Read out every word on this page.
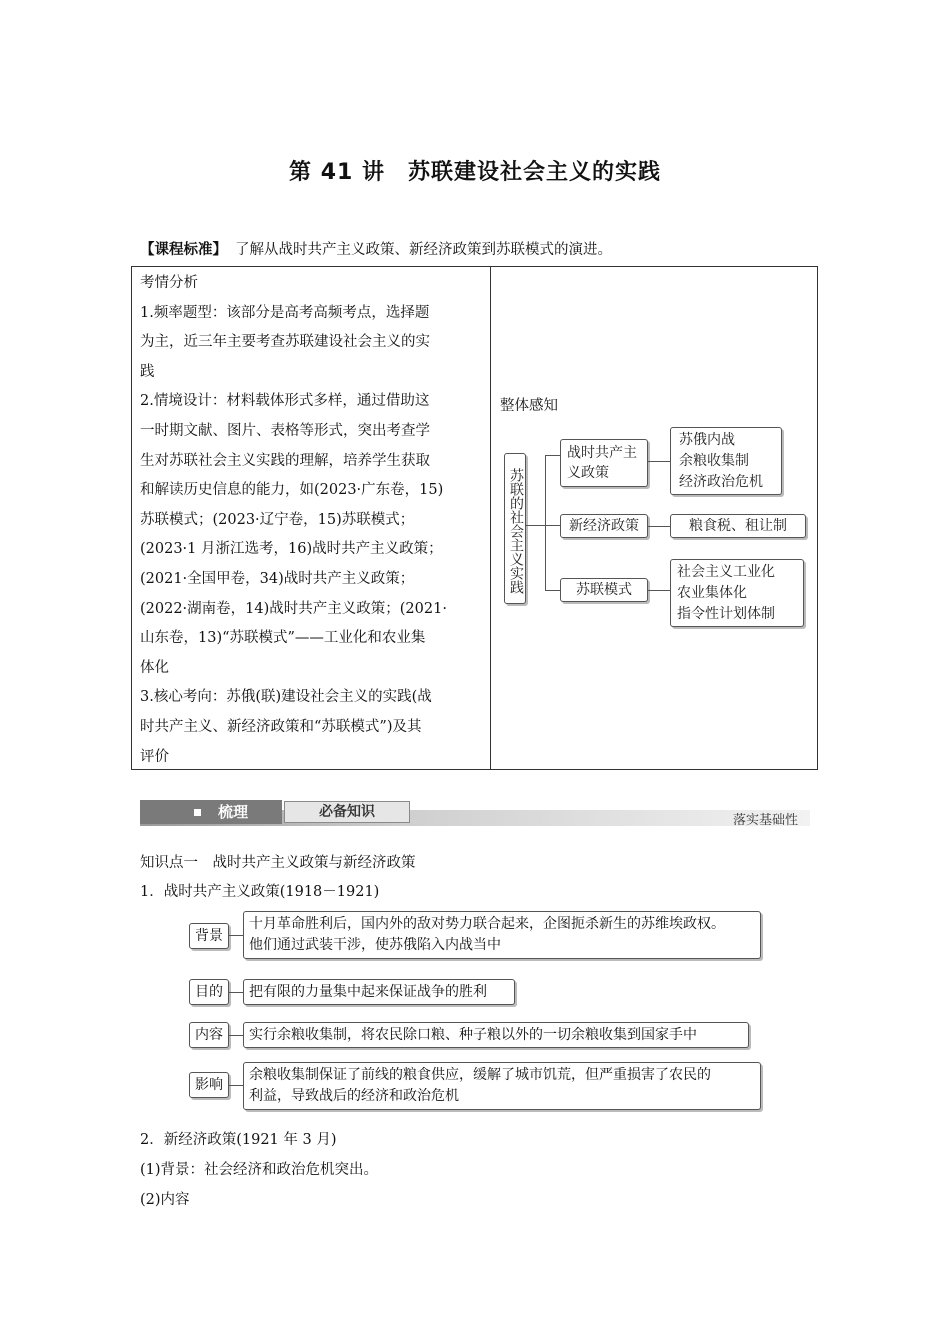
第 41 讲　苏联建设社会主义的实践
【课程标准】 了解从战时共产主义政策、新经济政策到苏联模式的演进。
考情分析
1.频率题型：该部分是高考高频考点，选择题
为主，近三年主要考查苏联建设社会主义的实
践
2.情境设计：材料载体形式多样，通过借助这
一时期文献、图片、表格等形式，突出考查学
生对苏联社会主义实践的理解，培养学生获取
和解读历史信息的能力，如(2023·广东卷，15)
苏联模式；(2023·辽宁卷，15)苏联模式；
(2023·1 月浙江选考，16)战时共产主义政策；
(2021·全国甲卷，34)战时共产主义政策；
(2022·湖南卷，14)战时共产主义政策；(2021·
山东卷，13)“苏联模式”——工业化和农业集
体化
3.核心考向：苏俄(联)建设社会主义的实践(战
时共产主义、新经济政策和“苏联模式”)及其
评价
整体感知
苏联的社会主义实践
战时共产主义政策
新经济政策
苏联模式
苏俄内战
余粮收集制
经济政治危机
粮食税、租让制
社会主义工业化
农业集体化
指令性计划体制
梳理	必备知识
落实基础性
知识点一　战时共产主义政策与新经济政策
1．战时共产主义政策(1918－1921)
背景
十月革命胜利后，国内外的敌对势力联合起来，企图扼杀新生的苏维埃政权。
他们通过武装干涉，使苏俄陷入内战当中
目的	把有限的力量集中起来保证战争的胜利
内容	实行余粮收集制，将农民除口粮、种子粮以外的一切余粮收集到国家手中
影响
余粮收集制保证了前线的粮食供应，缓解了城市饥荒，但严重损害了农民的
利益，导致战后的经济和政治危机
2．新经济政策(1921 年 3 月)
(1)背景：社会经济和政治危机突出。
(2)内容
